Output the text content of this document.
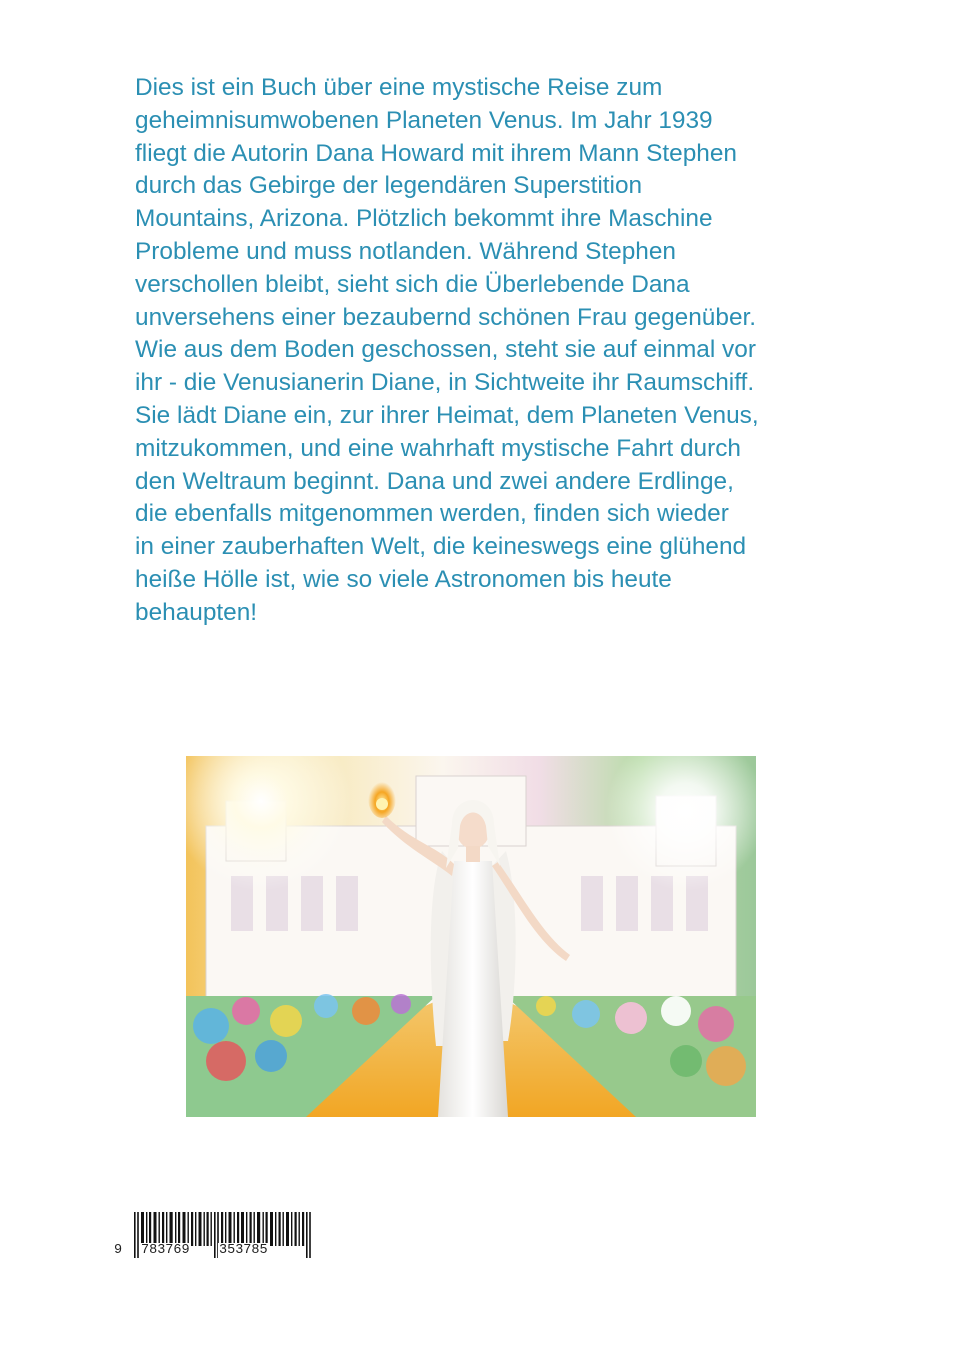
Dies ist ein Buch über eine mystische Reise zum
geheimnisumwobenen Planeten Venus. Im Jahr 1939
fliegt die Autorin Dana Howard mit ihrem Mann Stephen
durch das Gebirge der legendären Superstition
Mountains, Arizona. Plötzlich bekommt ihre Maschine
Probleme und muss notlanden. Während Stephen
verschollen bleibt, sieht sich die Überlebende Dana
unversehens einer bezaubernd schönen Frau gegenüber.
Wie aus dem Boden geschossen, steht sie auf einmal vor
ihr - die Venusianerin Diane, in Sichtweite ihr Raumschiff.
Sie lädt Diane ein, zur ihrer Heimat, dem Planeten Venus,
mitzukommen, und eine wahrhaft mystische Fahrt durch
den Weltraum beginnt. Dana und zwei andere Erdlinge,
die ebenfalls mitgenommen werden, finden sich wieder
in einer zauberhaften Welt, die keineswegs eine glühend
heiße Hölle ist, wie so viele Astronomen bis heute
behaupten!

9 783769 353785
